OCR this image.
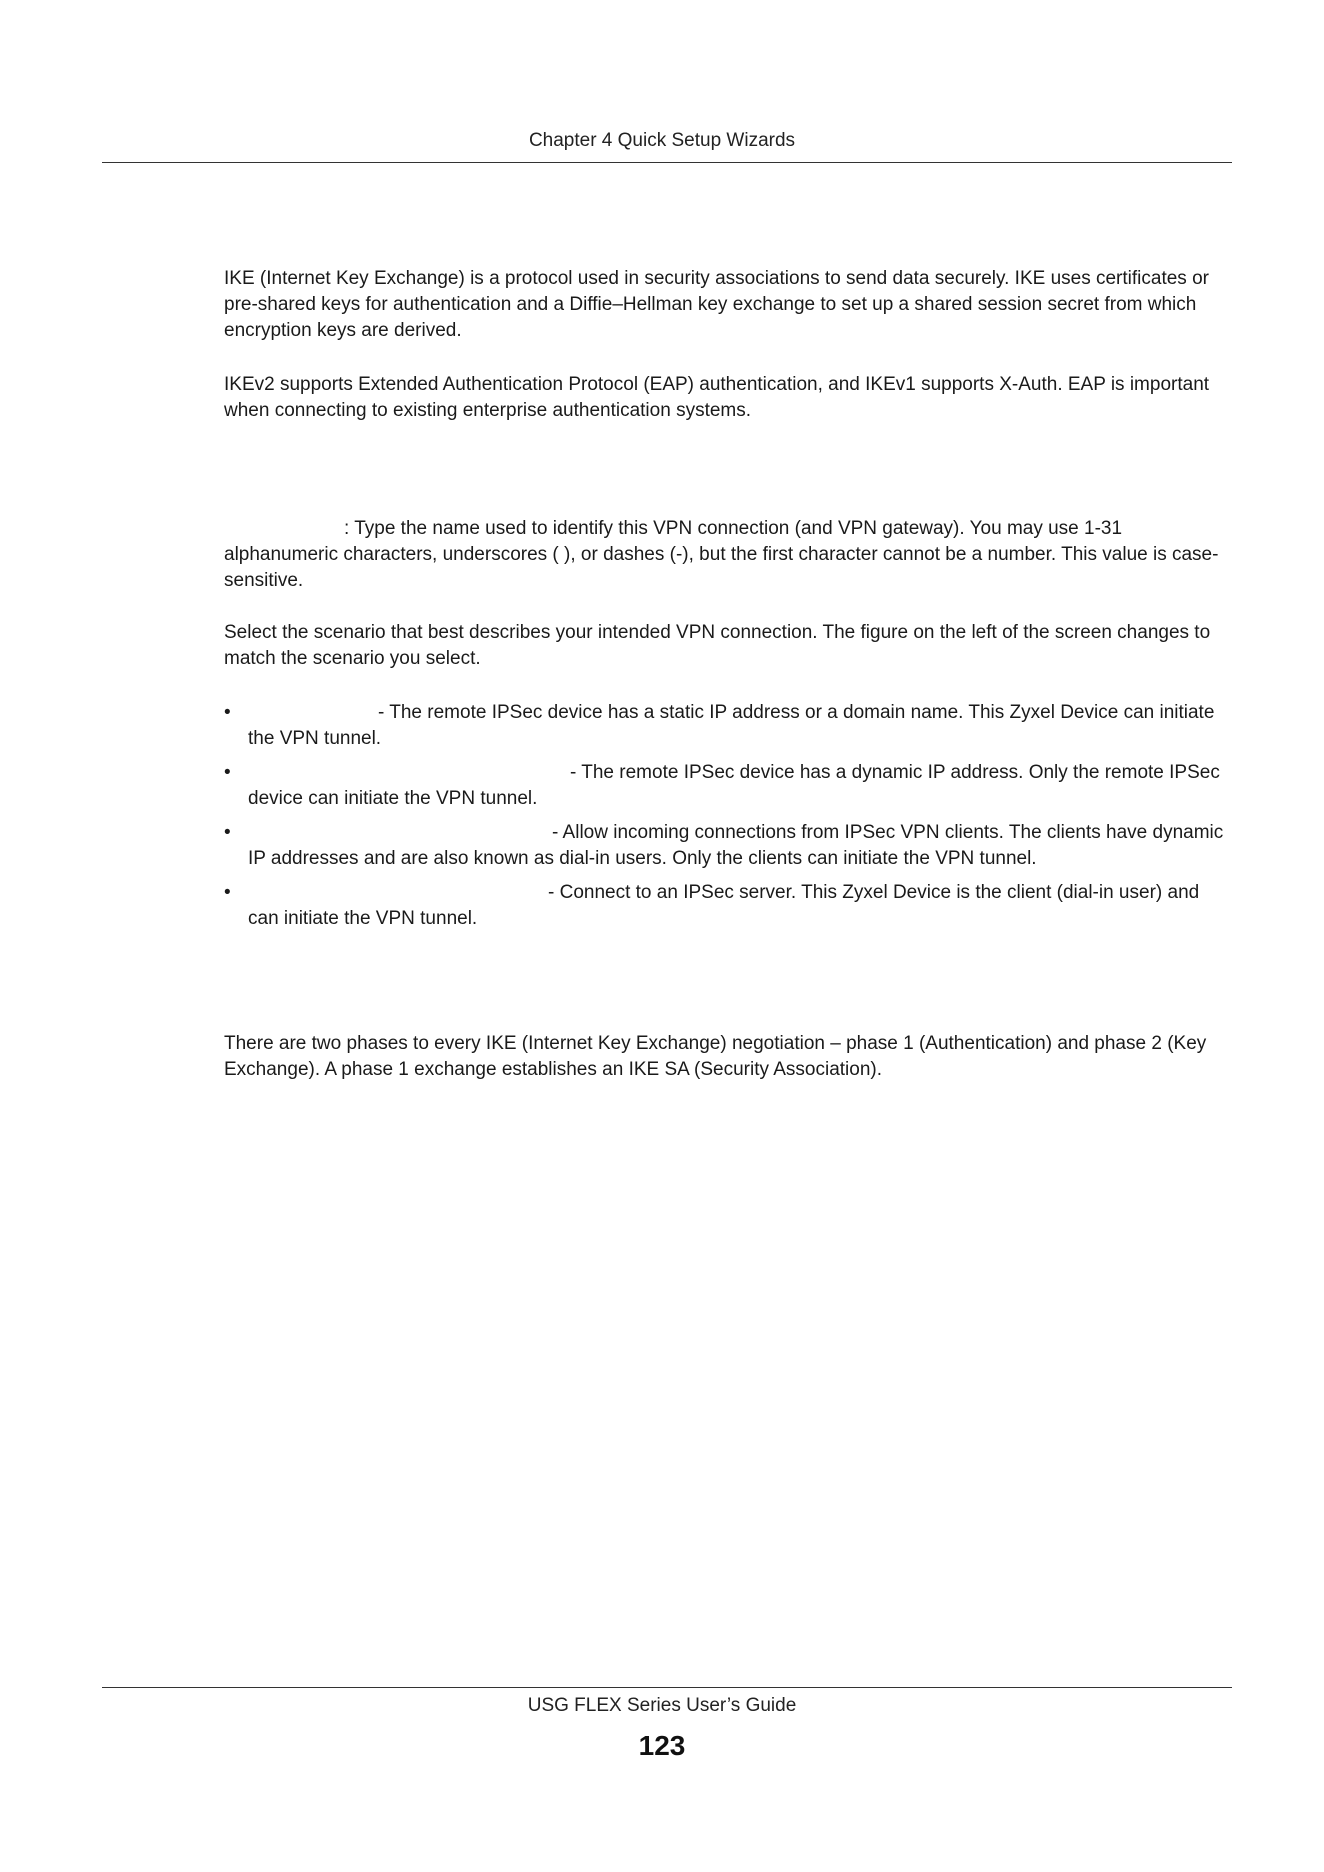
Chapter 4 Quick Setup Wizards

IKE (Internet Key Exchange) is a protocol used in security associations to send data securely. IKE uses certificates or pre-shared keys for authentication and a Diffie–Hellman key exchange to set up a shared session secret from which encryption keys are derived.

IKEv2 supports Extended Authentication Protocol (EAP) authentication, and IKEv1 supports X-Auth. EAP is important when connecting to existing enterprise authentication systems.

: Type the name used to identify this VPN connection (and VPN gateway). You may use 1-31 alphanumeric characters, underscores ( ), or dashes (-), but the first character cannot be a number. This value is case-sensitive.

Select the scenario that best describes your intended VPN connection. The figure on the left of the screen changes to match the scenario you select.

•	- The remote IPSec device has a static IP address or a domain name. This Zyxel Device can initiate the VPN tunnel.
•	- The remote IPSec device has a dynamic IP address. Only the remote IPSec device can initiate the VPN tunnel.
•	- Allow incoming connections from IPSec VPN clients. The clients have dynamic IP addresses and are also known as dial-in users. Only the clients can initiate the VPN tunnel.
•	- Connect to an IPSec server. This Zyxel Device is the client (dial-in user) and can initiate the VPN tunnel.

There are two phases to every IKE (Internet Key Exchange) negotiation – phase 1 (Authentication) and phase 2 (Key Exchange). A phase 1 exchange establishes an IKE SA (Security Association).

USG FLEX Series User’s Guide
123
